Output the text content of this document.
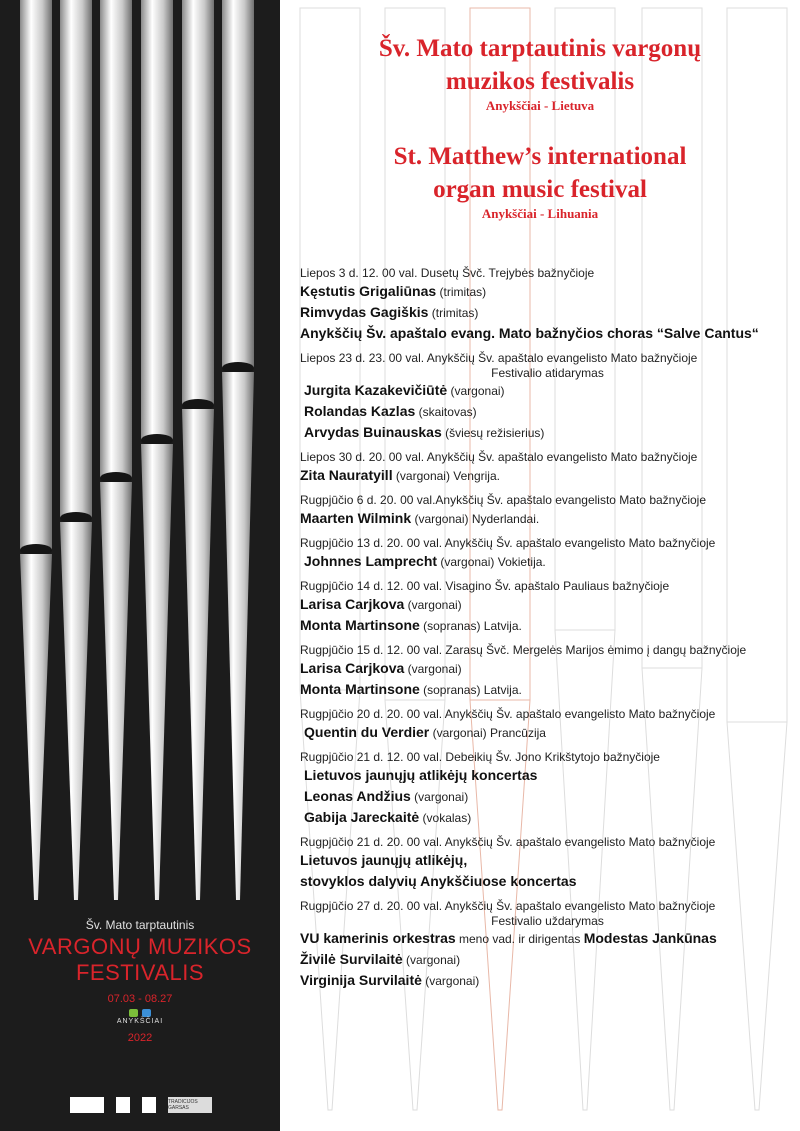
Šv. Mato tarptautinis
VARGONŲ MUZIKOS
FESTIVALIS
07.03 - 08.27

ANYKŠČIAI
2022
TRADICIJOS GARSAS
Šv. Mato tarptautinis vargonų
muzikos festivalis
Anykščiai - Lietuva
St. Matthew’s international
organ music festival
Anykščiai - Lihuania
Liepos 3 d. 12. 00 val. Dusetų Švč. Trejybės bažnyčioje
Kęstutis Grigaliūnas (trimitas)
Rimvydas Gagiškis (trimitas)
Anykščių Šv. apaštalo evang. Mato bažnyčios choras “Salve Cantus“
Liepos 23 d. 23. 00 val. Anykščių Šv. apaštalo evangelisto Mato bažnyčioje
Festivalio atidarymas
Jurgita Kazakevičiūtė (vargonai)
Rolandas Kazlas (skaitovas)
Arvydas Buinauskas (šviesų režisierius)
Liepos 30 d. 20. 00 val. Anykščių Šv. apaštalo evangelisto Mato bažnyčioje
Zita Nauratyill (vargonai) Vengrija.
Rugpjūčio 6 d. 20. 00 val.Anykščių Šv. apaštalo evangelisto Mato bažnyčioje
Maarten Wilmink (vargonai) Nyderlandai.
Rugpjūčio 13 d. 20. 00 val. Anykščių Šv. apaštalo evangelisto Mato bažnyčioje
Johnnes Lamprecht (vargonai) Vokietija.
Rugpjūčio 14 d. 12. 00 val. Visagino Šv. apaštalo Pauliaus bažnyčioje
Larisa Carjkova (vargonai)
Monta Martinsone (sopranas) Latvija.
Rugpjūčio 15 d. 12. 00 val. Zarasų Švč. Mergelės Marijos ėmimo į dangų bažnyčioje
Larisa Carjkova (vargonai)
Monta Martinsone (sopranas) Latvija.
Rugpjūčio 20 d. 20. 00 val. Anykščių Šv. apaštalo evangelisto Mato bažnyčioje
Quentin du Verdier (vargonai) Prancūzija
Rugpjūčio 21 d. 12. 00 val. Debeikių Šv. Jono Krikštytojo bažnyčioje
Lietuvos jaunųjų atlikėjų koncertas
Leonas Andžius (vargonai)
Gabija Jareckaitė (vokalas)
Rugpjūčio 21 d. 20. 00 val. Anykščių Šv. apaštalo evangelisto Mato bažnyčioje
Lietuvos jaunųjų atlikėjų,
stovyklos dalyvių Anykščiuose koncertas
Rugpjūčio 27 d. 20. 00 val. Anykščių Šv. apaštalo evangelisto Mato bažnyčioje
Festivalio uždarymas
VU kamerinis orkestras meno vad. ir dirigentas Modestas Jankūnas
Živilė Survilaitė (vargonai)
Virginija Survilaitė (vargonai)
